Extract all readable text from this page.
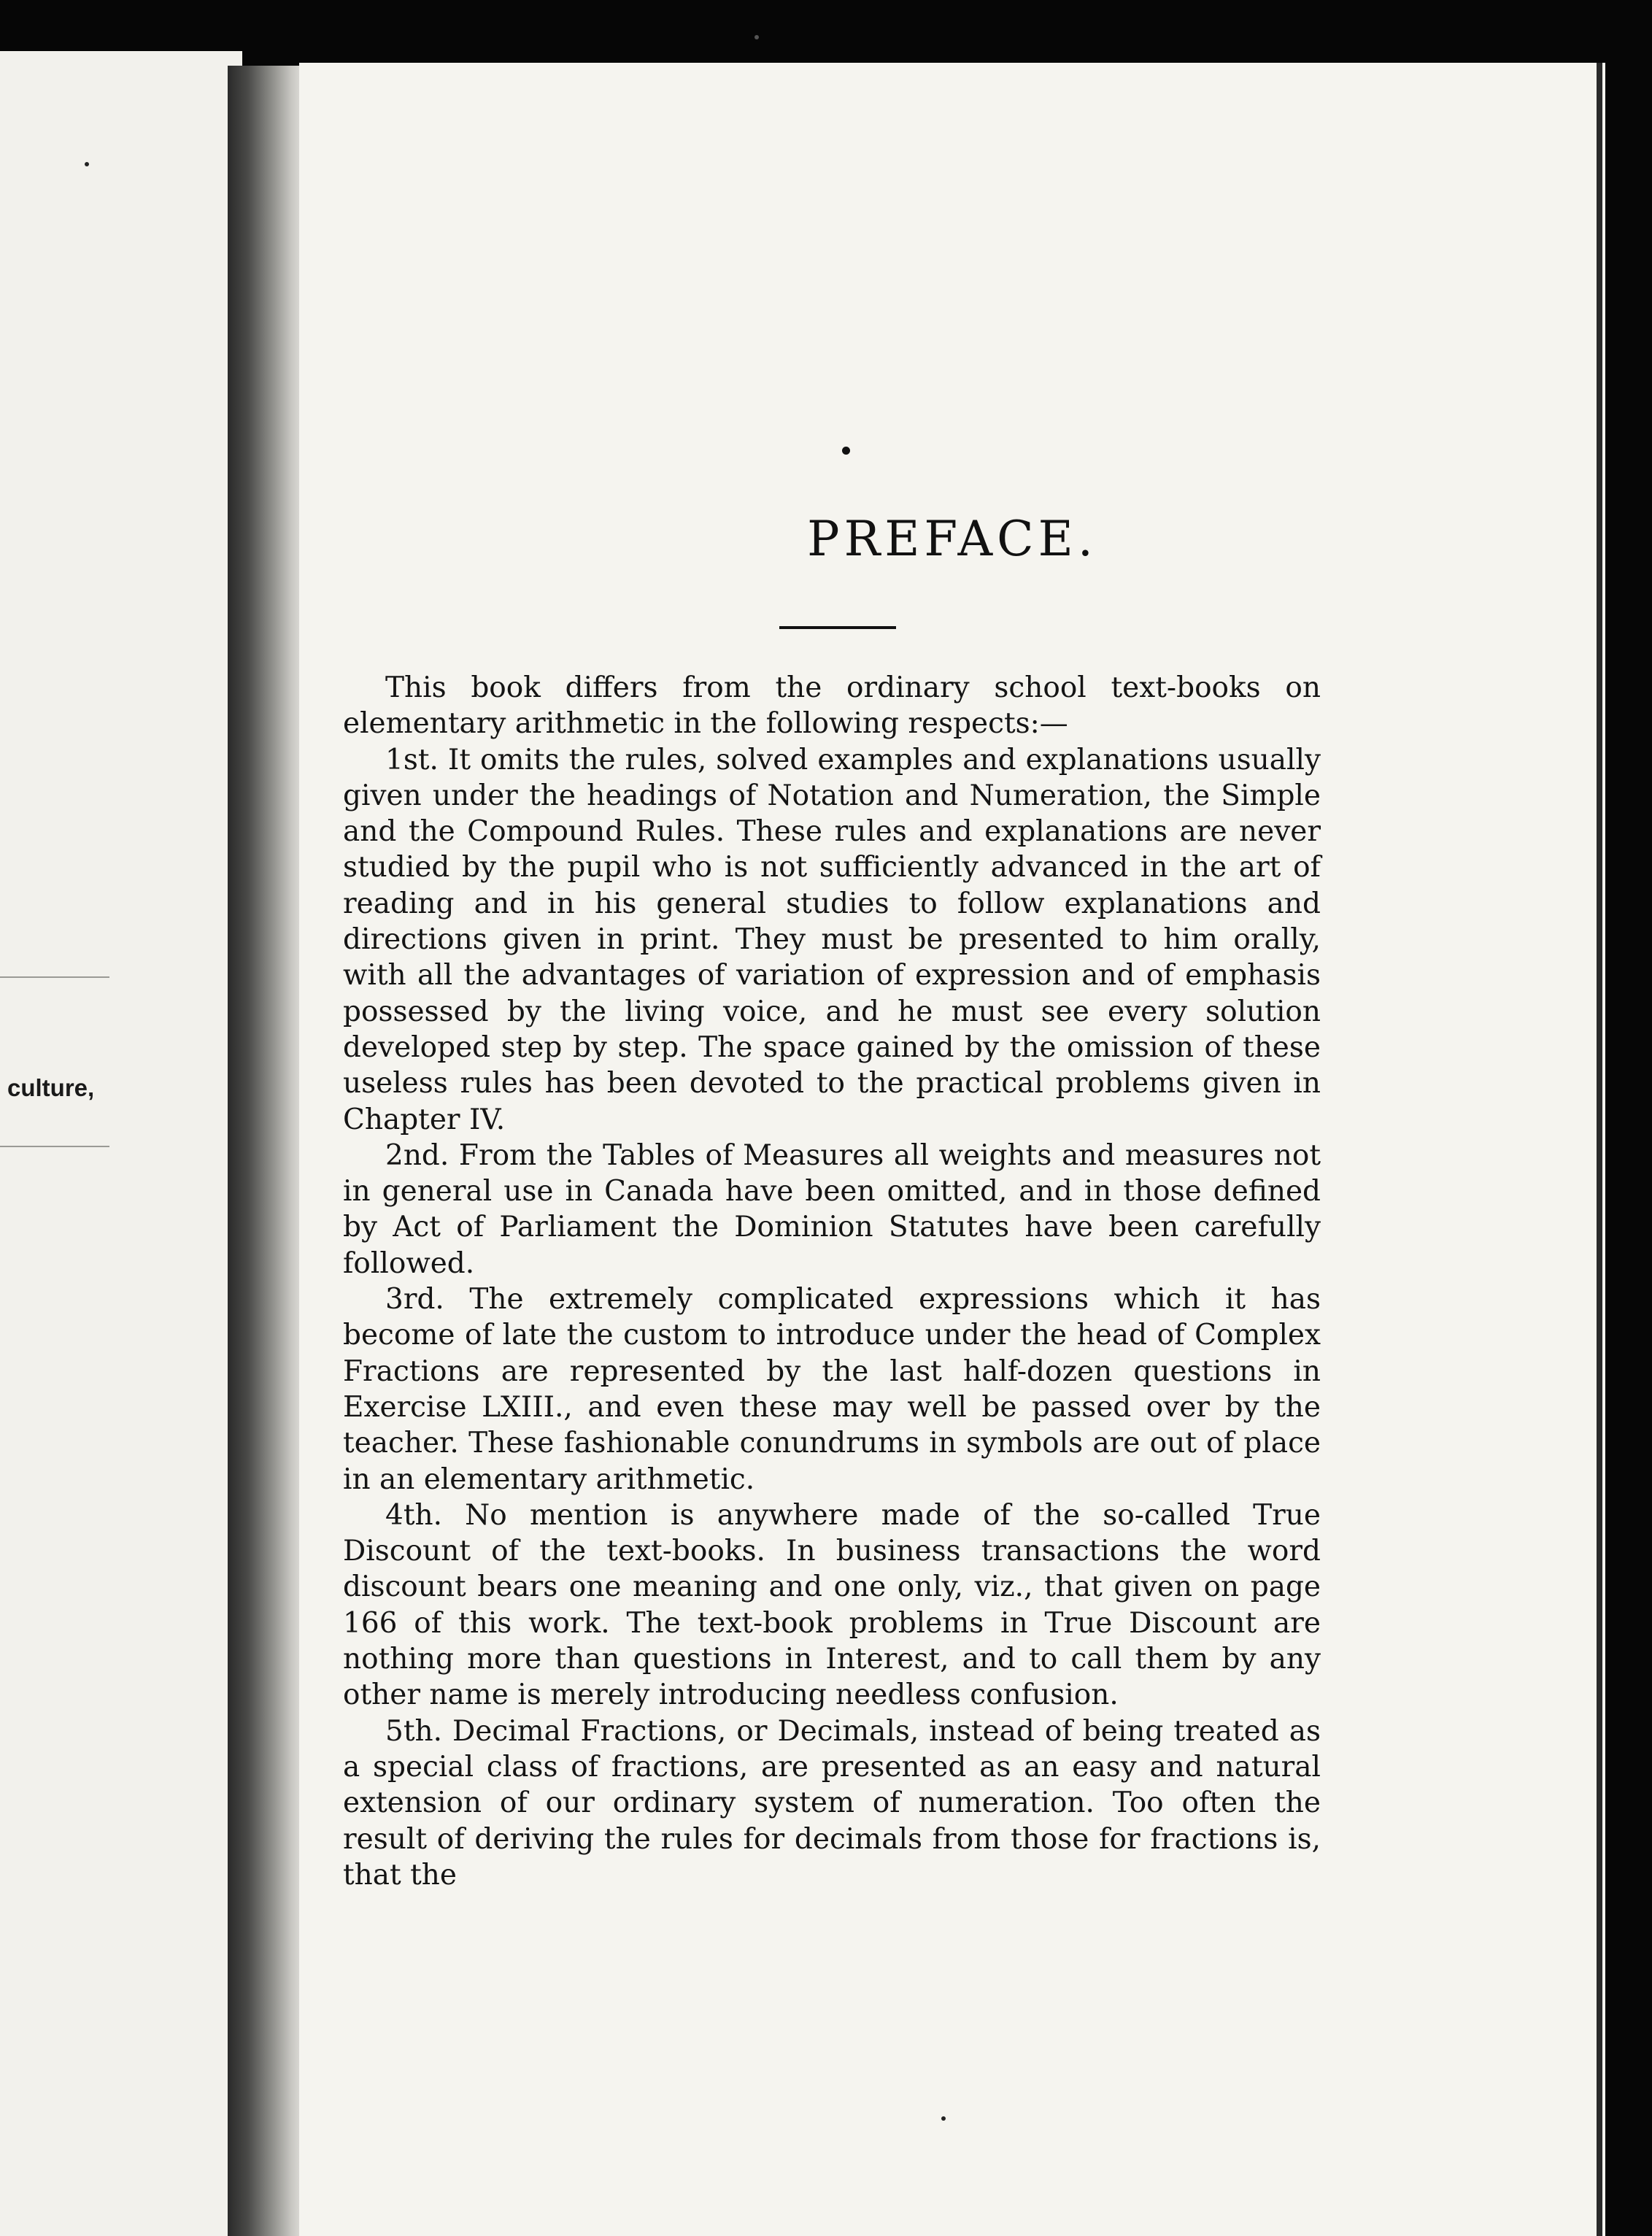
culture,
PREFACE.

This book differs from the ordinary school text-books on elementary arithmetic in the following respects:—

1st. It omits the rules, solved examples and explanations usually given under the headings of Notation and Numeration, the Simple and the Compound Rules. These rules and explanations are never studied by the pupil who is not sufficiently advanced in the art of reading and in his general studies to follow explanations and directions given in print. They must be presented to him orally, with all the advantages of variation of expression and of emphasis possessed by the living voice, and he must see every solution developed step by step. The space gained by the omission of these useless rules has been devoted to the practical problems given in Chapter IV.

2nd. From the Tables of Measures all weights and measures not in general use in Canada have been omitted, and in those defined by Act of Parliament the Dominion Statutes have been carefully followed.

3rd. The extremely complicated expressions which it has become of late the custom to introduce under the head of Complex Fractions are represented by the last half-dozen questions in Exercise LXIII., and even these may well be passed over by the teacher. These fashionable conundrums in symbols are out of place in an elementary arithmetic.

4th. No mention is anywhere made of the so-called True Discount of the text-books. In business transactions the word discount bears one meaning and one only, viz., that given on page 166 of this work. The text-book problems in True Discount are nothing more than questions in Interest, and to call them by any other name is merely introducing needless confusion.

5th. Decimal Fractions, or Decimals, instead of being treated as a special class of fractions, are presented as an easy and natural extension of our ordinary system of numeration. Too often the result of deriving the rules for decimals from those for fractions is, that the
